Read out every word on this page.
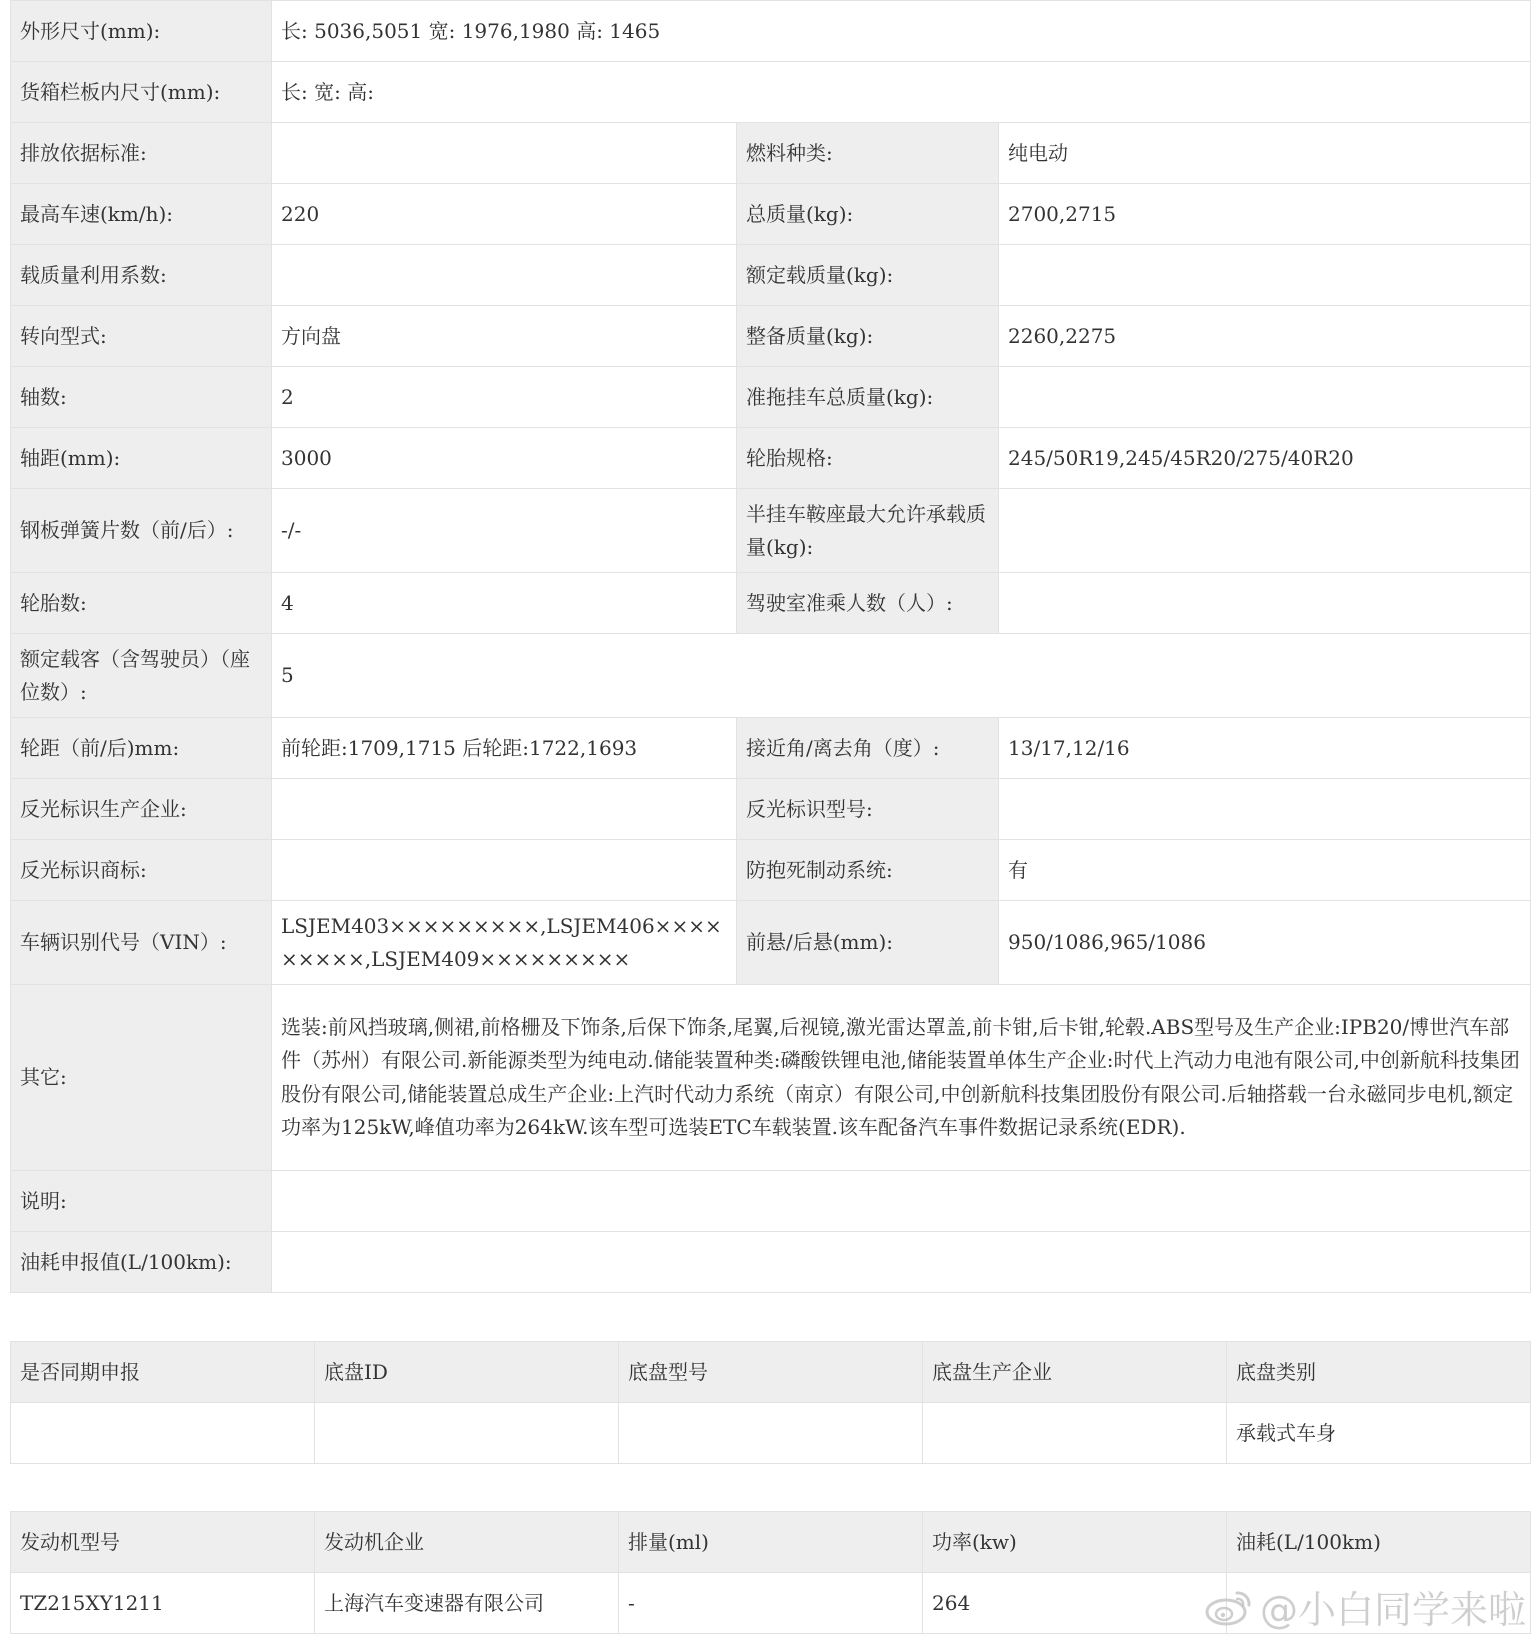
外形尺寸(mm):	长: 5036,5051 宽: 1976,1980 高: 1465		
货箱栏板内尺寸(mm):	长: 宽: 高:		
排放依据标准:		燃料种类:	纯电动
最高车速(km/h):	220	总质量(kg):	2700,2715
载质量利用系数:		额定载质量(kg):	
转向型式:	方向盘	整备质量(kg):	2260,2275
轴数:	2	准拖挂车总质量(kg):	
轴距(mm):	3000	轮胎规格:	245/50R19,245/45R20/275/40R20
钢板弹簧片数（前/后）:	-/-	半挂车鞍座最大允许承载质量(kg):	
轮胎数:	4	驾驶室准乘人数（人）:	
额定载客（含驾驶员）（座位数）:	5		
轮距（前/后)mm:	前轮距:1709,1715 后轮距:1722,1693	接近角/离去角（度）:	13/17,12/16
反光标识生产企业:		反光标识型号:	
反光标识商标:		防抱死制动系统:	有
车辆识别代号（VIN）:	LSJEM403×××××××××,LSJEM406×××××××××,LSJEM409×××××××××	前悬/后悬(mm):	950/1086,965/1086
其它:	选装:前风挡玻璃,侧裙,前格栅及下饰条,后保下饰条,尾翼,后视镜,激光雷达罩盖,前卡钳,后卡钳,轮毂.ABS型号及生产企业:IPB20/博世汽车部件（苏州）有限公司.新能源类型为纯电动.储能装置种类:磷酸铁锂电池,储能装置单体生产企业:时代上汽动力电池有限公司,中创新航科技集团股份有限公司,储能装置总成生产企业:上汽时代动力系统（南京）有限公司,中创新航科技集团股份有限公司.后轴搭载一台永磁同步电机,额定功率为125kW,峰值功率为264kW.该车型可选装ETC车载装置.该车配备汽车事件数据记录系统(EDR).		
说明:			
油耗申报值(L/100km):			
是否同期申报	底盘ID	底盘型号	底盘生产企业	底盘类别
				承载式车身
发动机型号	发动机企业	排量(ml)	功率(kw)	油耗(L/100km)
TZ215XY1211	上海汽车变速器有限公司	-	264		@小白同学来啦
